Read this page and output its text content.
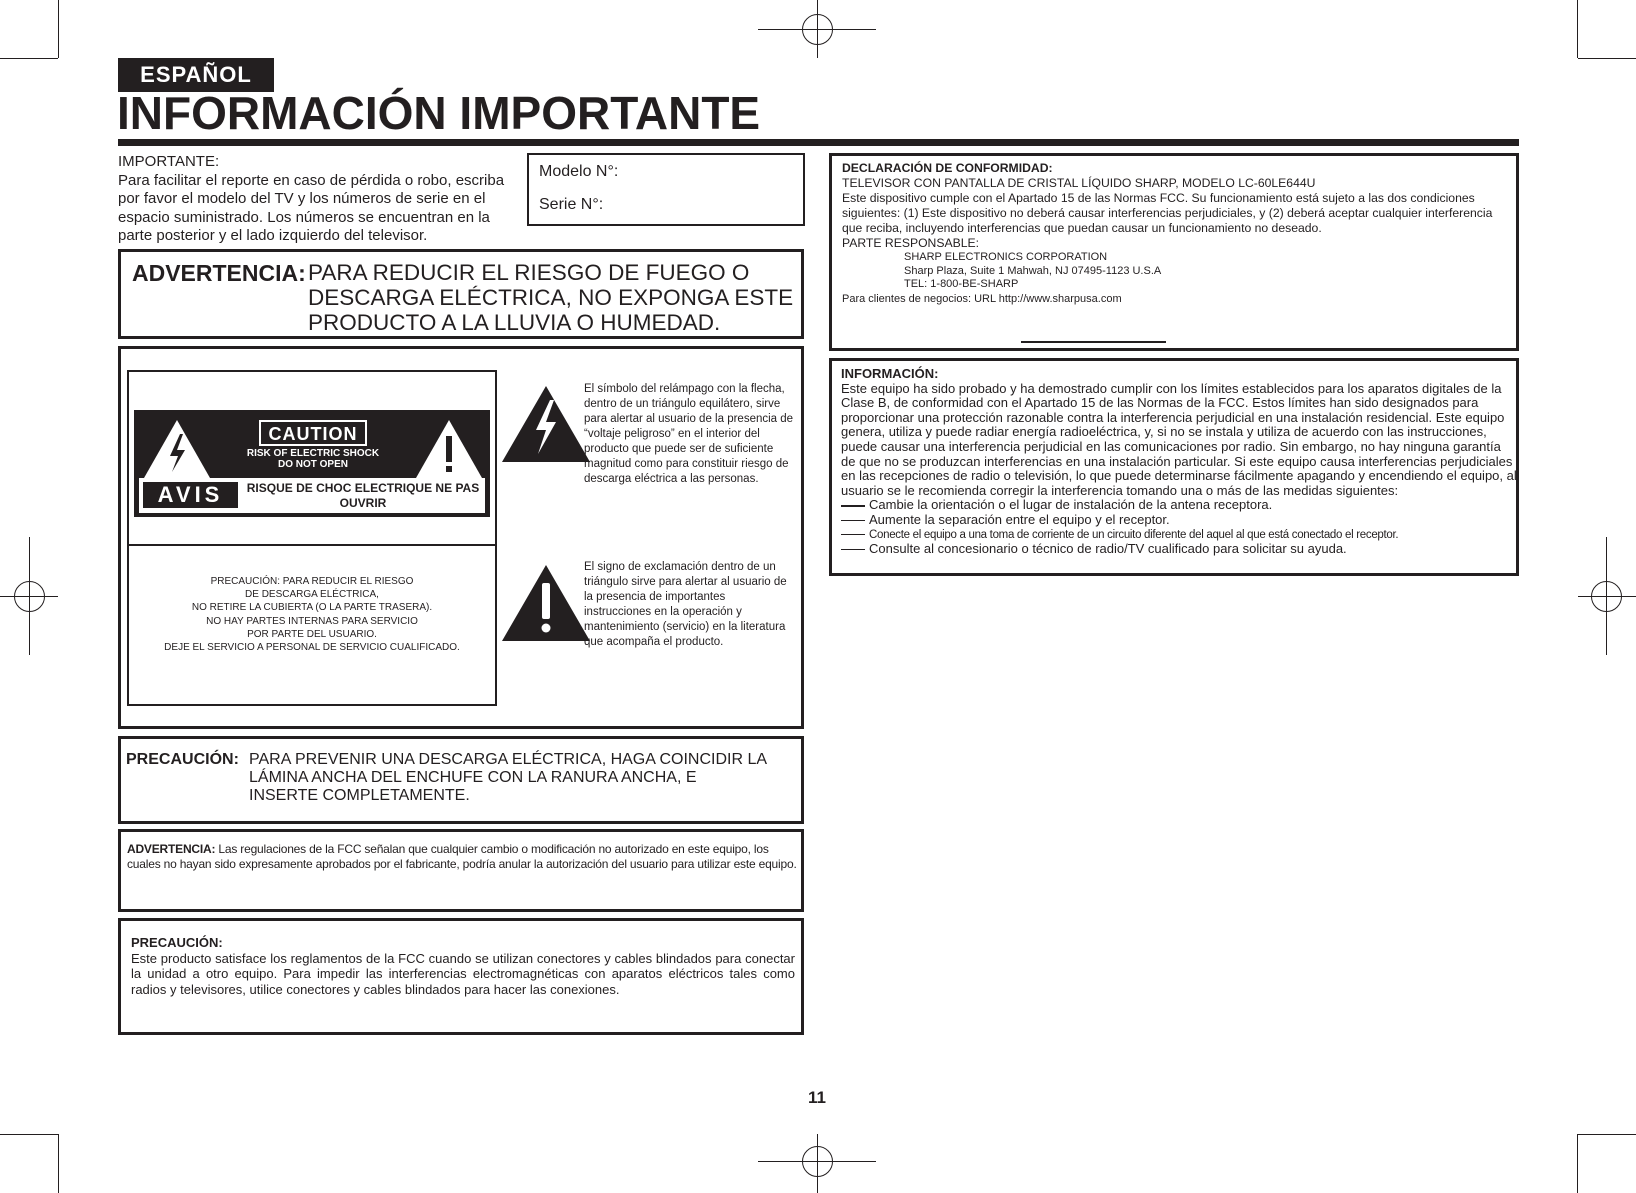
ESPAÑOL
INFORMACIÓN IMPORTANTE
IMPORTANTE:
Para facilitar el reporte en caso de pérdida o robo, escriba por favor el modelo del TV y los números de serie en el espacio suministrado. Los números se encuentran en la parte posterior y el lado izquierdo del televisor.
Modelo N°:
Serie N°:
ADVERTENCIA: PARA REDUCIR EL RIESGO DE FUEGO O DESCARGA ELÉCTRICA, NO EXPONGA ESTE PRODUCTO A LA LLUVIA O HUMEDAD.
CAUTION
RISK OF ELECTRIC SHOCK
DO NOT OPEN
AVIS	RISQUE DE CHOC ELECTRIQUE NE PAS OUVRIR
PRECAUCIÓN: PARA REDUCIR EL RIESGO
DE DESCARGA ELÉCTRICA,
NO RETIRE LA CUBIERTA (O LA PARTE TRASERA).
NO HAY PARTES INTERNAS PARA SERVICIO
POR PARTE DEL USUARIO.
DEJE EL SERVICIO A PERSONAL DE SERVICIO CUALIFICADO.
El símbolo del relámpago con la flecha, dentro de un triángulo equilátero, sirve para alertar al usuario de la presencia de “voltaje peligroso” en el interior del producto que puede ser de suficiente magnitud como para constituir riesgo de descarga eléctrica a las personas.
El signo de exclamación dentro de un triángulo sirve para alertar al usuario de la presencia de importantes instrucciones en la operación y mantenimiento (servicio) en la literatura que acompaña el producto.
PRECAUCIÓN: PARA PREVENIR UNA DESCARGA ELÉCTRICA, HAGA COINCIDIR LA LÁMINA ANCHA DEL ENCHUFE CON LA RANURA ANCHA, E INSERTE COMPLETAMENTE.
ADVERTENCIA: Las regulaciones de la FCC señalan que cualquier cambio o modificación no autorizado en este equipo, los cuales no hayan sido expresamente aprobados por el fabricante, podría anular la autorización del usuario para utilizar este equipo.
PRECAUCIÓN:
Este producto satisface los reglamentos de la FCC cuando se utilizan conectores y cables blindados para conectar la unidad a otro equipo. Para impedir las interferencias electromagnéticas con aparatos eléctricos tales como radios y televisores, utilice conectores y cables blindados para hacer las conexiones.
DECLARACIÓN DE CONFORMIDAD:
TELEVISOR CON PANTALLA DE CRISTAL LÍQUIDO SHARP, MODELO LC-60LE644U
Este dispositivo cumple con el Apartado 15 de las Normas FCC. Su funcionamiento está sujeto a las dos condiciones siguientes: (1) Este dispositivo no deberá causar interferencias perjudiciales, y (2) deberá aceptar cualquier interferencia que reciba, incluyendo interferencias que puedan causar un funcionamiento no deseado.
PARTE RESPONSABLE:
SHARP ELECTRONICS CORPORATION
Sharp Plaza, Suite 1 Mahwah, NJ 07495-1123 U.S.A
TEL: 1-800-BE-SHARP
Para clientes de negocios: URL http://www.sharpusa.com
INFORMACIÓN:
Este equipo ha sido probado y ha demostrado cumplir con los límites establecidos para los aparatos digitales de la Clase B, de conformidad con el Apartado 15 de las Normas de la FCC. Estos límites han sido designados para proporcionar una protección razonable contra la interferencia perjudicial en una instalación residencial. Este equipo genera, utiliza y puede radiar energía radioeléctrica, y, si no se instala y utiliza de acuerdo con las instrucciones, puede causar una interferencia perjudicial en las comunicaciones por radio. Sin embargo, no hay ninguna garantía de que no se produzcan interferencias en una instalación particular. Si este equipo causa interferencias perjudiciales en las recepciones de radio o televisión, lo que puede determinarse fácilmente apagando y encendiendo el equipo, al usuario se le recomienda corregir la interferencia tomando una o más de las medidas siguientes:
Cambie la orientación o el lugar de instalación de la antena receptora.
Aumente la separación entre el equipo y el receptor.
Conecte el equipo a una toma de corriente de un circuito diferente del aquel al que está conectado el receptor.
Consulte al concesionario o técnico de radio/TV cualificado para solicitar su ayuda.
11
